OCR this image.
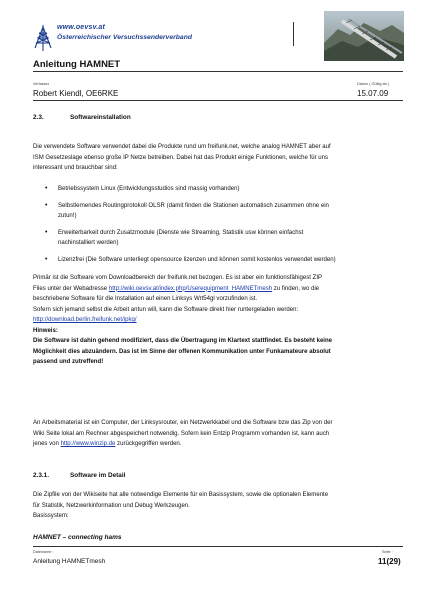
www.oevsv.at
Österreichischer Versuchssenderverband
Anleitung HAMNET
Verfasser	Datum ( Gültig ab )
Robert Kiendl, OE6RKE	15.07.09
2.3.	Softwareinstallation

Die verwendete Software verwendet dabei die Produkte rund um freifunk.net, welche analog HAMNET aber auf

ISM Gesetzeslage ebenso große IP Netze betreiben. Dabei hat das Produkt einige Funktionen, welche für uns

interessant und brauchbar sind:

• Betriebssystem Linux (Entwicklungsstudios sind massig vorhanden)

• Selbstlernendes Routingprotokoll OLSR (damit finden die Stationen automatisch zusammen ohne ein

zutun!)

• Erweiterbarkeit durch Zusatzmodule (Dienste wie Streaming, Statistik usw können einfachst

nachinstalliert werden)

• Lizenzfrei (Die Software unterliegt opensource lizenzen und können somit kostenlos verwendet werden)

Primär ist die Software vom Downloadbereich der freifunk.net bezogen. Es ist aber ein funktionsfähigest ZIP

Files unter der Webadresse http://wiki.oevsv.at/index.php/Userequipment_HAMNETmesh zu finden, wo die

beschriebene Software für die Installation auf einen Linksys Wrt54gl vorzufinden ist.

Sofern sich jemand selbst die Arbeit antun will, kann die Software direkt hier runtergeladen werden:

http://download.berlin.freifunk.net/ipkg/

Hinweis:

Die Software ist dahin gehend modifiziert, dass die Übertragung im Klartext stattfindet. Es besteht keine

Möglichkeit dies abzuändern. Das ist im Sinne der offenen Kommunikation unter Funkamateure absolut

passend und zutreffend!

An Arbeitsmaterial ist ein Computer, der Linksysrouter, ein Netzwerkkabel und die Software bzw das Zip von der

Wiki Seite lokal am Rechner abgespeichert notwendig. Sofern kein Entzip Programm vorhanden ist, kann auch

jenes von http://www.winzip.de zurückgegriffen werden.

2.3.1.	Software im Detail

Die Zipfile von der Wikiseite hat alle notwendige Elemente für ein Basissystem, sowie die optionalen Elemente

für Statistik, Netzwerkinformation und Debug Werkzeugen.

Basissystem:

HAMNET – connecting hams
Dateiname :	Seite :
Anleitung HAMNETmesh	11(29)
